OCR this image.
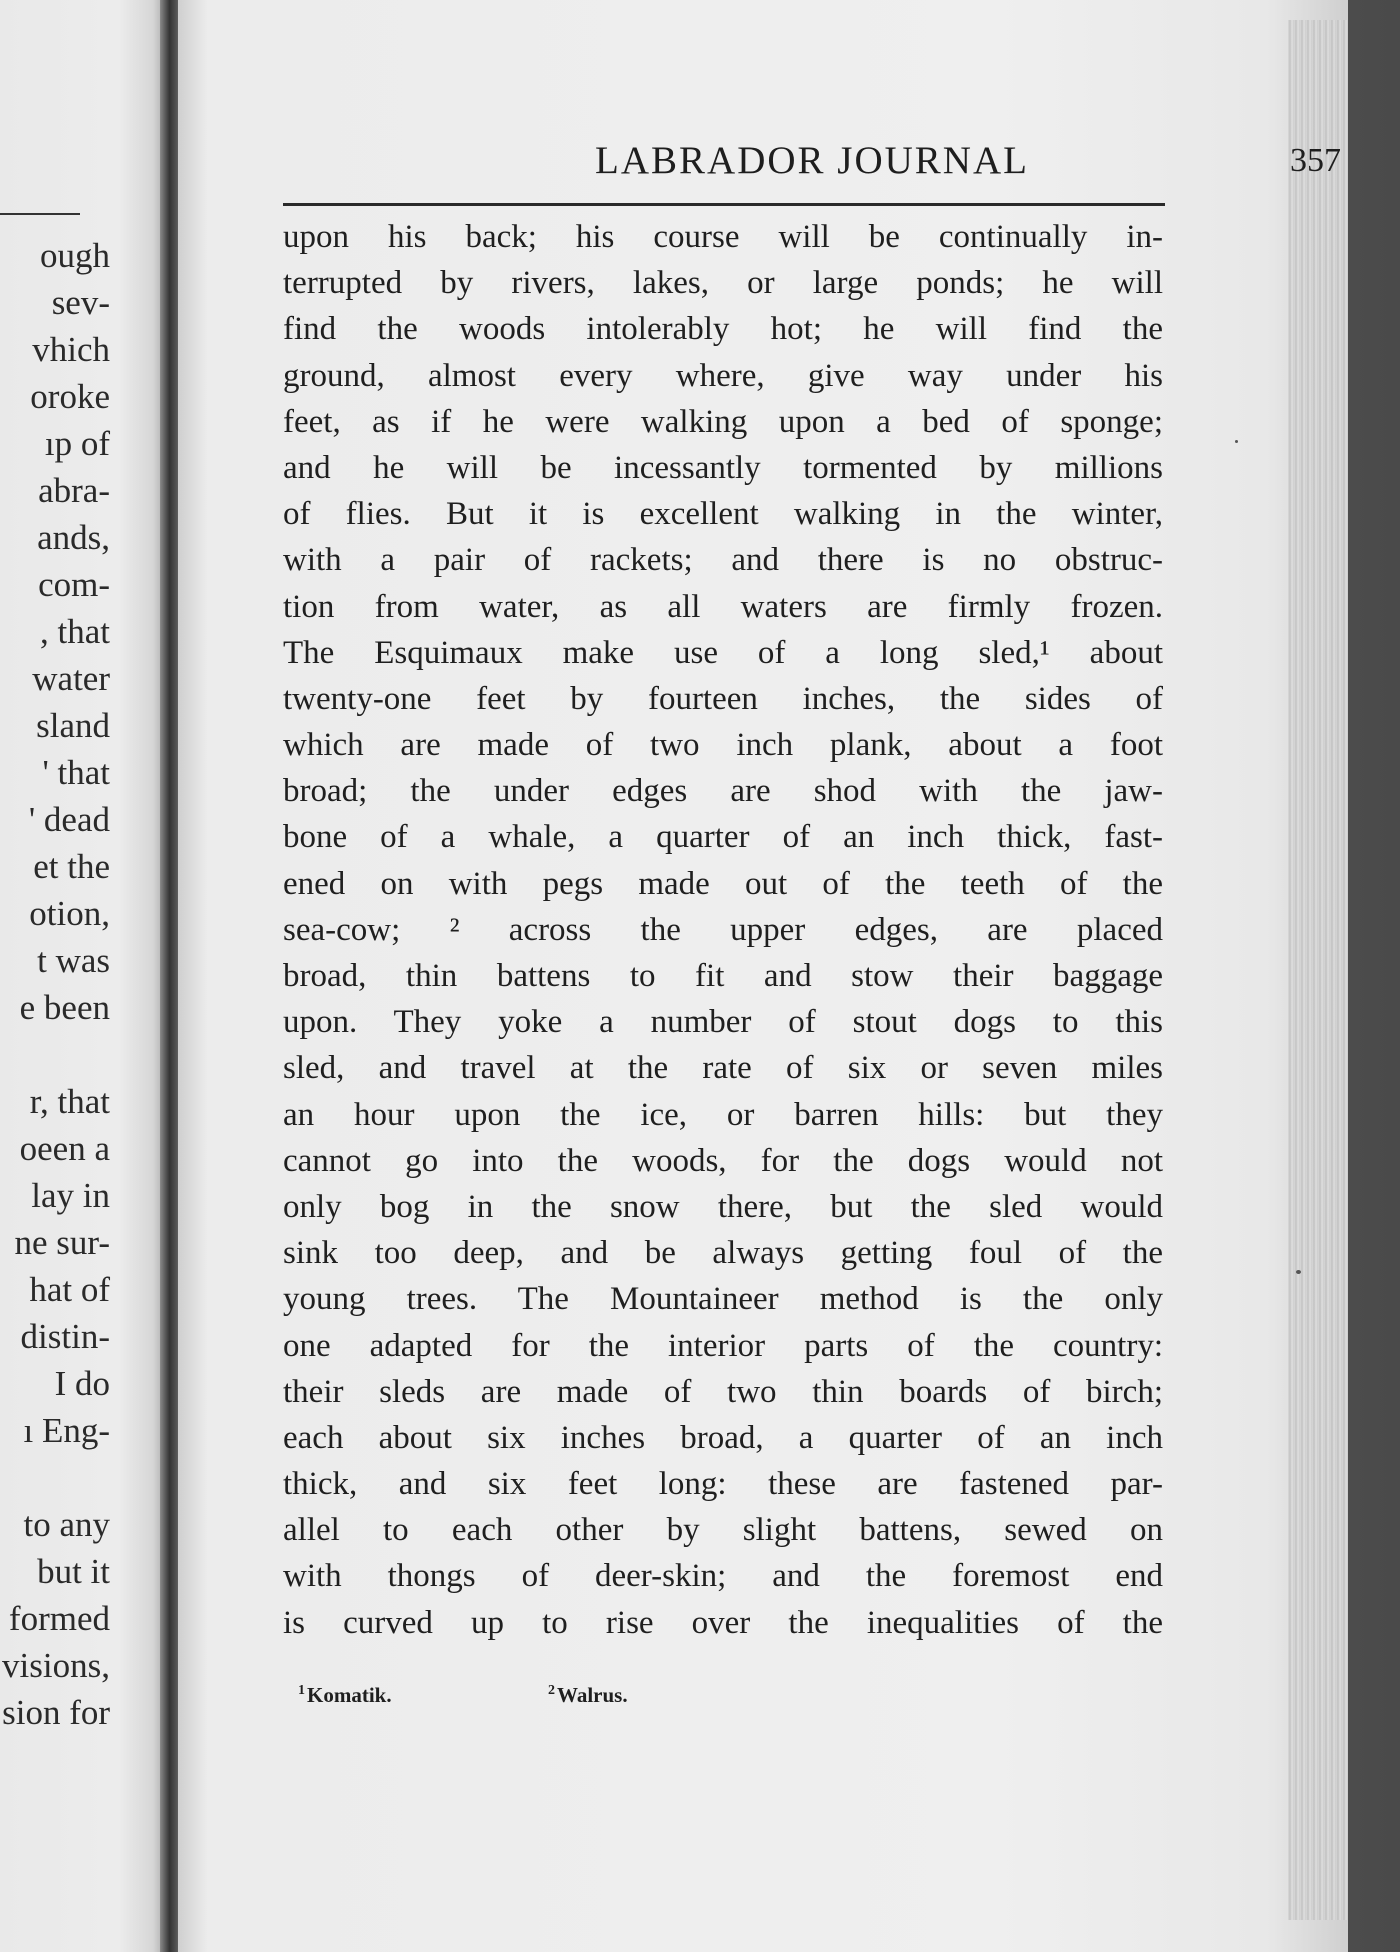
ough
sev-
vhich
oroke
ıp of
abra-
ands,
com-
, that
water
sland
' that
' dead
et the
otion,
t was
e been
r, that
oeen a
lay in
ne sur-
hat of
distin-
I do
ı Eng-
to any
but it
formed
visions,
sion for
LABRADOR JOURNAL	357
upon his back; his course will be continually in-
terrupted by rivers, lakes, or large ponds; he will
find the woods intolerably hot; he will find the
ground, almost every where, give way under his
feet, as if he were walking upon a bed of sponge;
and he will be incessantly tormented by millions
of flies. But it is excellent walking in the winter,
with a pair of rackets; and there is no obstruc-
tion from water, as all waters are firmly frozen.
The Esquimaux make use of a long sled,¹ about
twenty-one feet by fourteen inches, the sides of
which are made of two inch plank, about a foot
broad; the under edges are shod with the jaw-
bone of a whale, a quarter of an inch thick, fast-
ened on with pegs made out of the teeth of the
sea-cow; ² across the upper edges, are placed
broad, thin battens to fit and stow their baggage
upon. They yoke a number of stout dogs to this
sled, and travel at the rate of six or seven miles
an hour upon the ice, or barren hills: but they
cannot go into the woods, for the dogs would not
only bog in the snow there, but the sled would
sink too deep, and be always getting foul of the
young trees. The Mountaineer method is the only
one adapted for the interior parts of the country:
their sleds are made of two thin boards of birch;
each about six inches broad, a quarter of an inch
thick, and six feet long: these are fastened par-
allel to each other by slight battens, sewed on
with thongs of deer-skin; and the foremost end
is curved up to rise over the inequalities of the
$^1$Komatik.	$^2$Walrus.
